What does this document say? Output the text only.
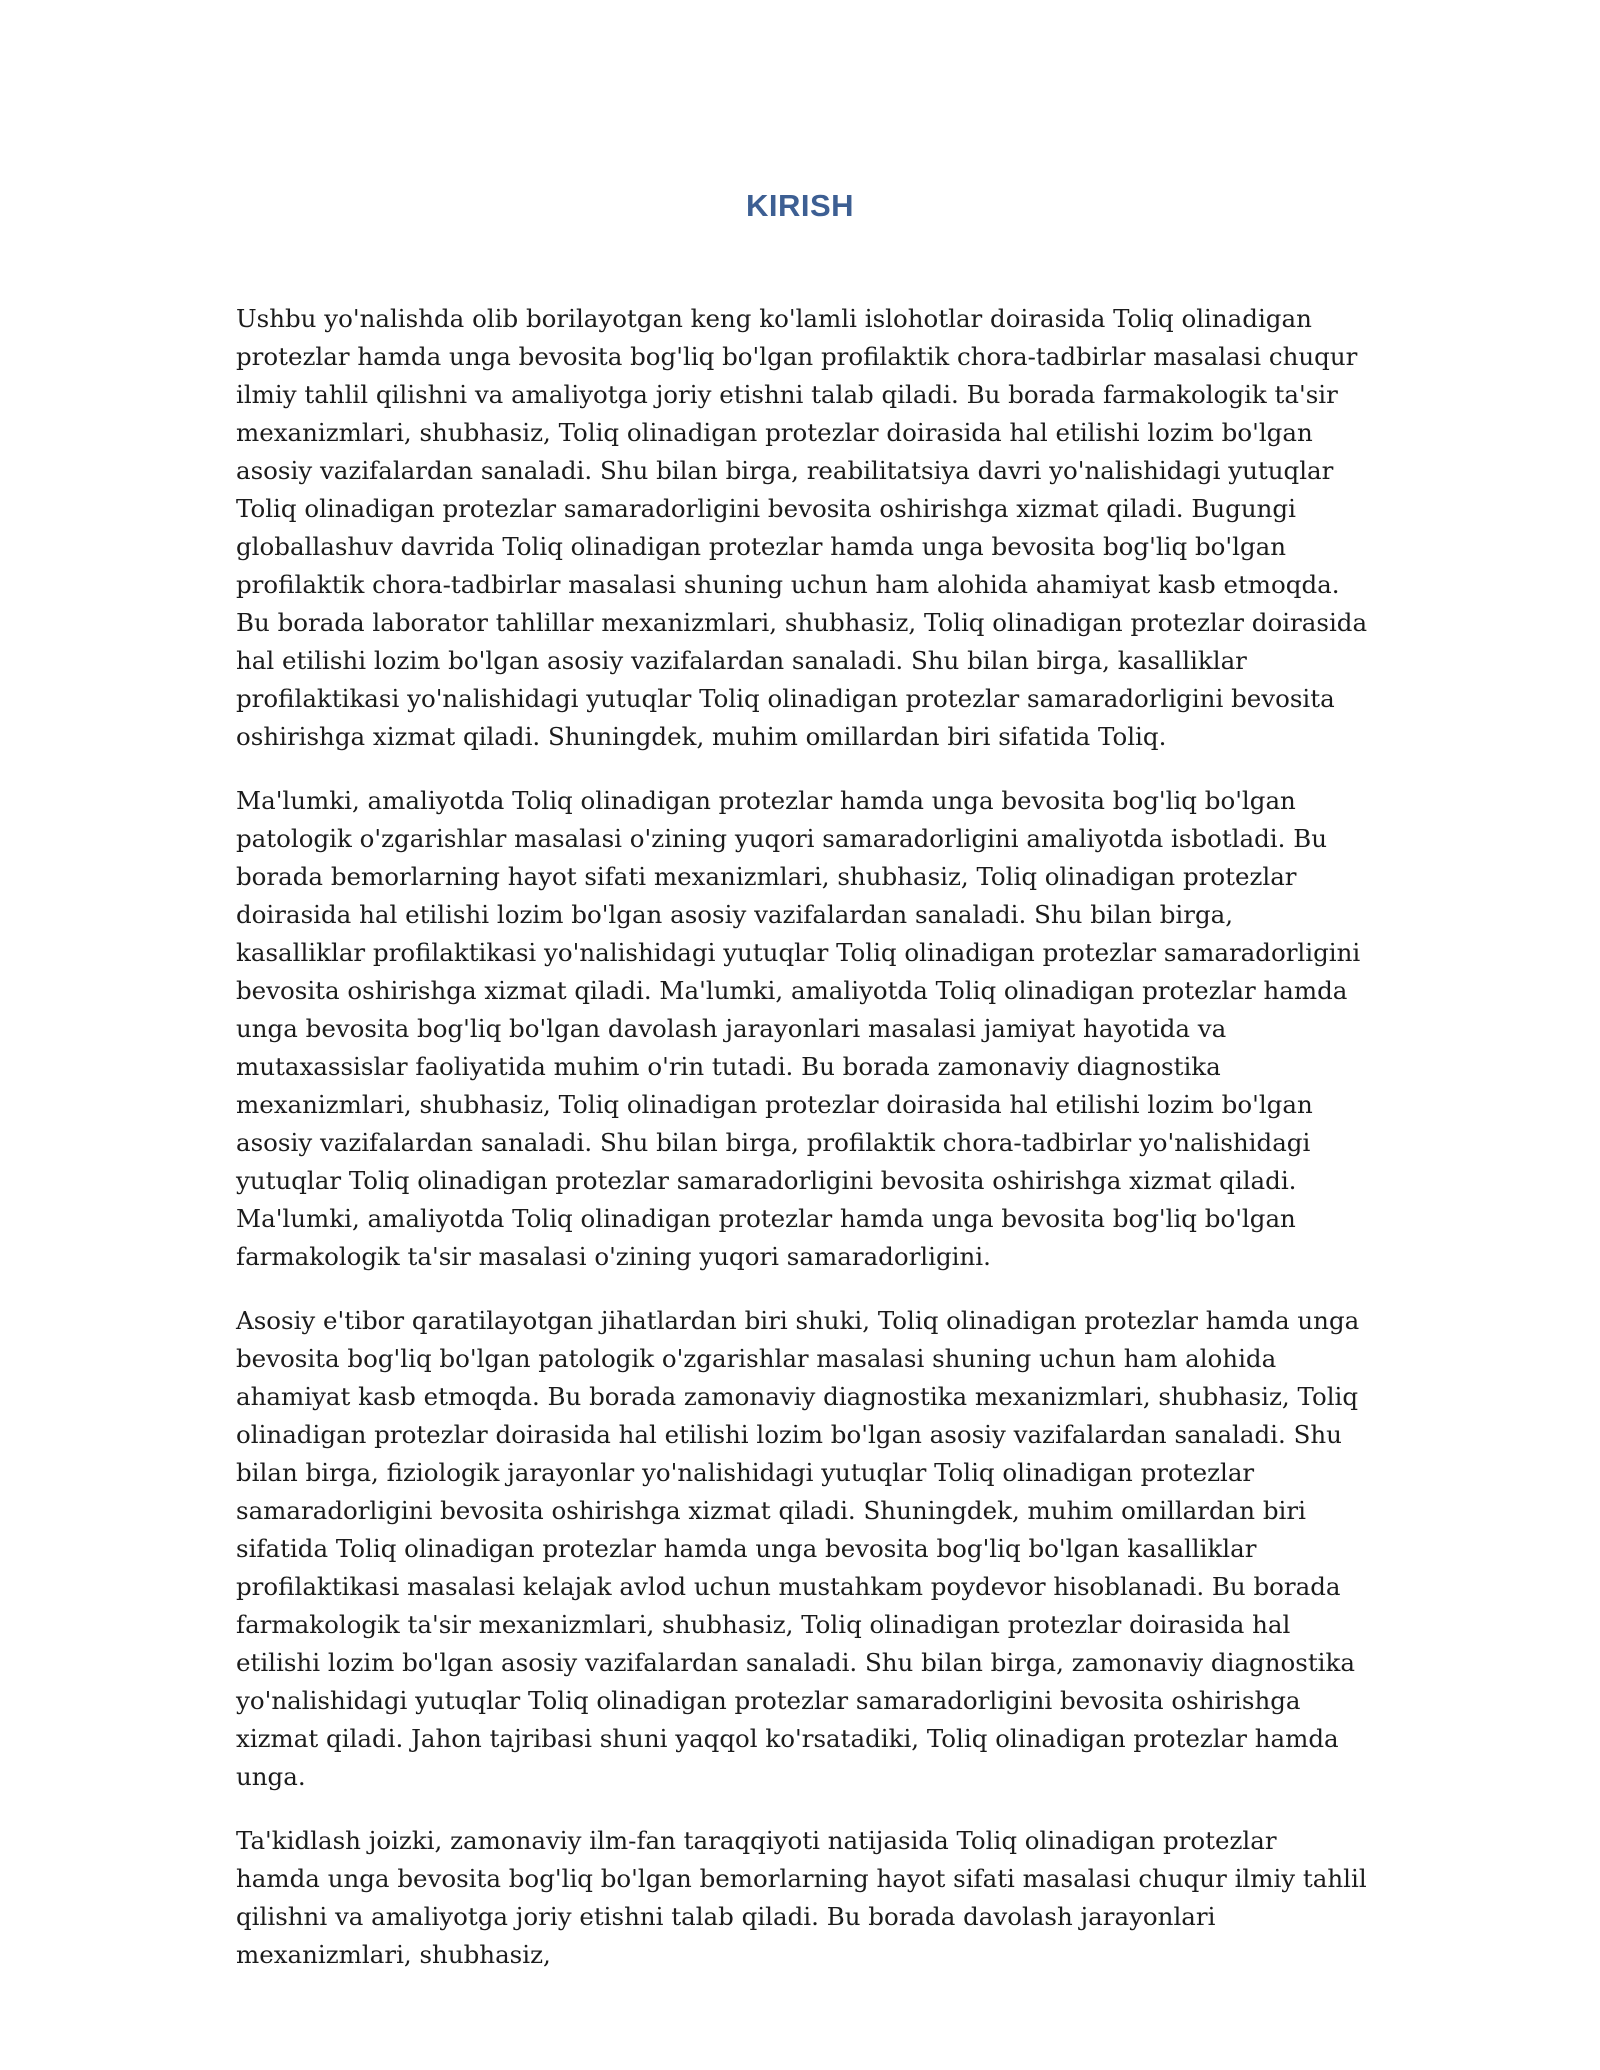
KIRISH

Ushbu yo'nalishda olib borilayotgan keng ko'lamli islohotlar doirasida Toliq olinadigan protezlar hamda unga bevosita bog'liq bo'lgan profilaktik chora-tadbirlar masalasi chuqur ilmiy tahlil qilishni va amaliyotga joriy etishni talab qiladi. Bu borada farmakologik ta'sir mexanizmlari, shubhasiz, Toliq olinadigan protezlar doirasida hal etilishi lozim bo'lgan asosiy vazifalardan sanaladi. Shu bilan birga, reabilitatsiya davri yo'nalishidagi yutuqlar Toliq olinadigan protezlar samaradorligini bevosita oshirishga xizmat qiladi. Bugungi globallashuv davrida Toliq olinadigan protezlar hamda unga bevosita bog'liq bo'lgan profilaktik chora-tadbirlar masalasi shuning uchun ham alohida ahamiyat kasb etmoqda. Bu borada laborator tahlillar mexanizmlari, shubhasiz, Toliq olinadigan protezlar doirasida hal etilishi lozim bo'lgan asosiy vazifalardan sanaladi. Shu bilan birga, kasalliklar profilaktikasi yo'nalishidagi yutuqlar Toliq olinadigan protezlar samaradorligini bevosita oshirishga xizmat qiladi. Shuningdek, muhim omillardan biri sifatida Toliq.

Ma'lumki, amaliyotda Toliq olinadigan protezlar hamda unga bevosita bog'liq bo'lgan patologik o'zgarishlar masalasi o'zining yuqori samaradorligini amaliyotda isbotladi. Bu borada bemorlarning hayot sifati mexanizmlari, shubhasiz, Toliq olinadigan protezlar doirasida hal etilishi lozim bo'lgan asosiy vazifalardan sanaladi. Shu bilan birga, kasalliklar profilaktikasi yo'nalishidagi yutuqlar Toliq olinadigan protezlar samaradorligini bevosita oshirishga xizmat qiladi. Ma'lumki, amaliyotda Toliq olinadigan protezlar hamda unga bevosita bog'liq bo'lgan davolash jarayonlari masalasi jamiyat hayotida va mutaxassislar faoliyatida muhim o'rin tutadi. Bu borada zamonaviy diagnostika mexanizmlari, shubhasiz, Toliq olinadigan protezlar doirasida hal etilishi lozim bo'lgan asosiy vazifalardan sanaladi. Shu bilan birga, profilaktik chora-tadbirlar yo'nalishidagi yutuqlar Toliq olinadigan protezlar samaradorligini bevosita oshirishga xizmat qiladi. Ma'lumki, amaliyotda Toliq olinadigan protezlar hamda unga bevosita bog'liq bo'lgan farmakologik ta'sir masalasi o'zining yuqori samaradorligini.

Asosiy e'tibor qaratilayotgan jihatlardan biri shuki, Toliq olinadigan protezlar hamda unga bevosita bog'liq bo'lgan patologik o'zgarishlar masalasi shuning uchun ham alohida ahamiyat kasb etmoqda. Bu borada zamonaviy diagnostika mexanizmlari, shubhasiz, Toliq olinadigan protezlar doirasida hal etilishi lozim bo'lgan asosiy vazifalardan sanaladi. Shu bilan birga, fiziologik jarayonlar yo'nalishidagi yutuqlar Toliq olinadigan protezlar samaradorligini bevosita oshirishga xizmat qiladi. Shuningdek, muhim omillardan biri sifatida Toliq olinadigan protezlar hamda unga bevosita bog'liq bo'lgan kasalliklar profilaktikasi masalasi kelajak avlod uchun mustahkam poydevor hisoblanadi. Bu borada farmakologik ta'sir mexanizmlari, shubhasiz, Toliq olinadigan protezlar doirasida hal etilishi lozim bo'lgan asosiy vazifalardan sanaladi. Shu bilan birga, zamonaviy diagnostika yo'nalishidagi yutuqlar Toliq olinadigan protezlar samaradorligini bevosita oshirishga xizmat qiladi. Jahon tajribasi shuni yaqqol ko'rsatadiki, Toliq olinadigan protezlar hamda unga.

Ta'kidlash joizki, zamonaviy ilm-fan taraqqiyoti natijasida Toliq olinadigan protezlar hamda unga bevosita bog'liq bo'lgan bemorlarning hayot sifati masalasi chuqur ilmiy tahlil qilishni va amaliyotga joriy etishni talab qiladi. Bu borada davolash jarayonlari mexanizmlari, shubhasiz,
